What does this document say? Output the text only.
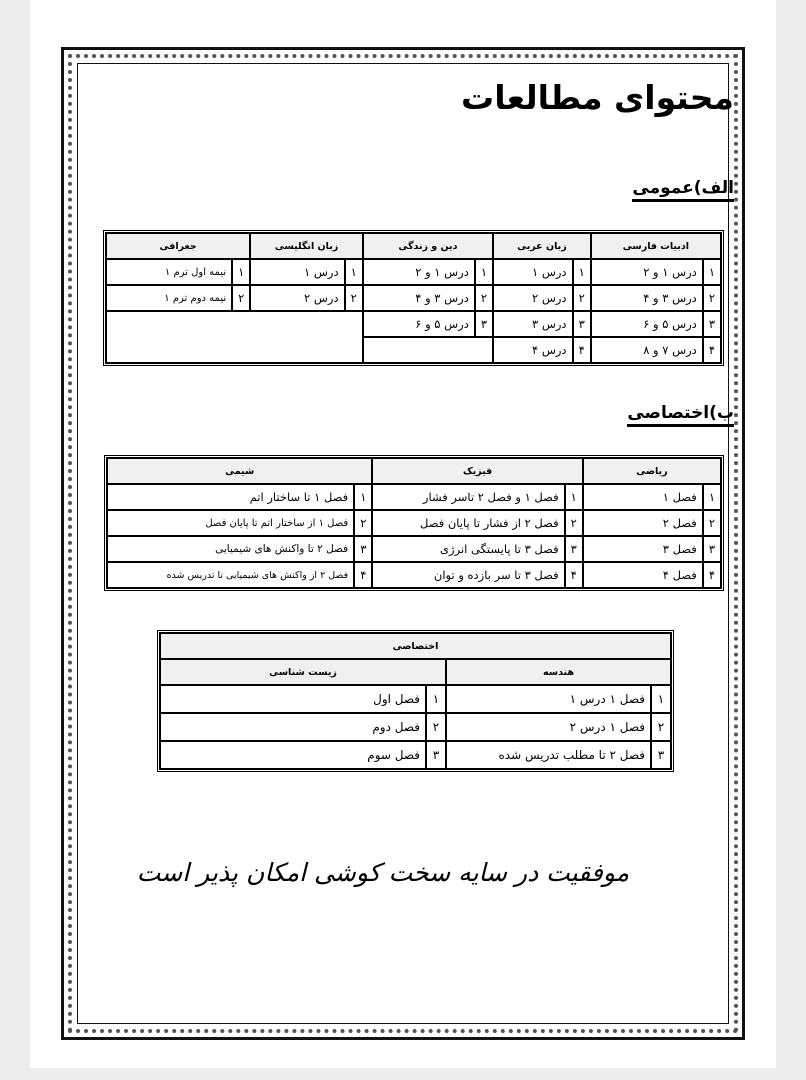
محتوای مطالعات
الف)عمومی
ب)اختصاصی
ادبیات فارسی		زبان عربی		دین و زندگی		زبان انگلیسی		جغرافی	
۱	درس ۱ و ۲	۱	درس ۱	۱	درس ۱ و ۲	۱	درس ۱	۱	نیمه اول ترم ۱
۲	درس ۳ و ۴	۲	درس ۲	۲	درس ۳ و ۴	۲	درس ۲	۲	نیمه دوم ترم ۱
۳	درس ۵ و ۶	۳	درس ۳	۳	درس ۵ و ۶				
۴	درس ۷ و ۸	۴	درس ۴						
ریاضی		فیزیک		شیمی	
۱	فصل ۱	۱	فصل ۱ و فصل ۲ تاسر فشار	۱	فصل ۱ تا ساختار اتم
۲	فصل ۲	۲	فصل ۲ از فشار تا پایان فصل	۲	فصل ۱ از ساختار اتم تا پایان فصل
۳	فصل ۳	۳	فصل ۳ تا پایستگی انرژی	۳	فصل ۲ تا واکنش های شیمیایی
۴	فصل ۴	۴	فصل ۳ تا سر بازده و توان	۴	فصل ۲ از واکنش های شیمیایی تا تدریس شده
اختصاصی			
هندسه		زیست شناسی	
۱	فصل ۱ درس ۱	۱	فصل اول
۲	فصل ۱ درس ۲	۲	فصل دوم
۳	فصل ۲ تا مطلب تدریس شده	۳	فصل سوم

موفقیت در سایه سخت کوشی امکان پذیر است
